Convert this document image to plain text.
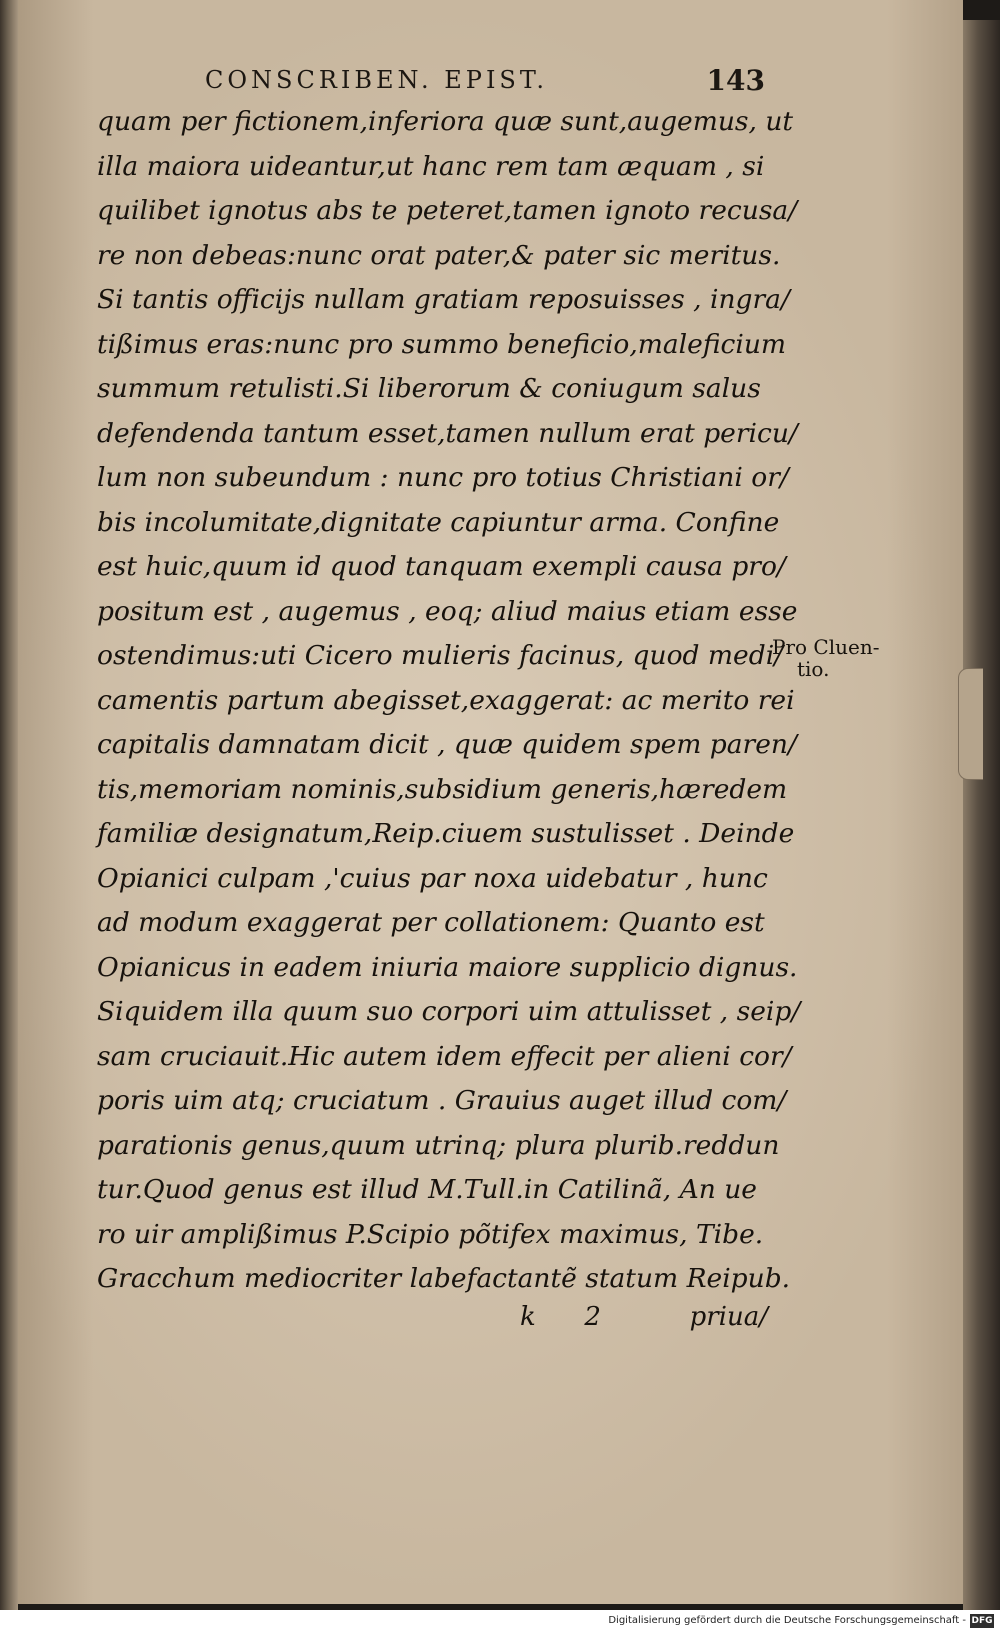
CONSCRIBEN. EPIST.	143
quam per fictionem,inferiora quæ sunt,augemus, ut
illa maiora uideantur,ut hanc rem tam æquam , si
quilibet ignotus abs te peteret,tamen ignoto recusa/
re non debeas:nunc orat pater,& pater sic meritus.
Si tantis officijs nullam gratiam reposuisses , ingra/
tißimus eras:nunc pro summo beneficio,maleficium
summum retulisti.Si liberorum & coniugum salus
defendenda tantum esset,tamen nullum erat pericu/
lum non subeundum : nunc pro totius Christiani or/
bis incolumitate,dignitate capiuntur arma. Confine
est huic,quum id quod tanquam exempli causa pro/
positum est , augemus , eoq; aliud maius etiam esse
ostendimus:uti Cicero mulieris facinus, quod medi/
camentis partum abegisset,exaggerat: ac merito rei
capitalis damnatam dicit , quæ quidem spem paren/
tis,memoriam nominis,subsidium generis,hæredem
familiæ designatum,Reip.ciuem sustulisset . Deinde
Opianici culpam ,'cuius par noxa uidebatur , hunc
ad modum exaggerat per collationem: Quanto est
Opianicus in eadem iniuria maiore supplicio dignus.
Siquidem illa quum suo corpori uim attulisset , seip/
sam cruciauit.Hic autem idem effecit per alieni cor/
poris uim atq; cruciatum . Grauius auget illud com/
parationis genus,quum utrinq; plura plurib.reddun
tur.Quod genus est illud M.Tull.in Catilinã, An ue
ro uir amplißimus P.Scipio põtifex maximus, Tibe.
Gracchum mediocriter labefactantẽ statum Reipub.
Pro Cluen-
tio.
k 2	priua/
Digitalisierung gefördert durch die Deutsche Forschungsgemeinschaft - DFG
